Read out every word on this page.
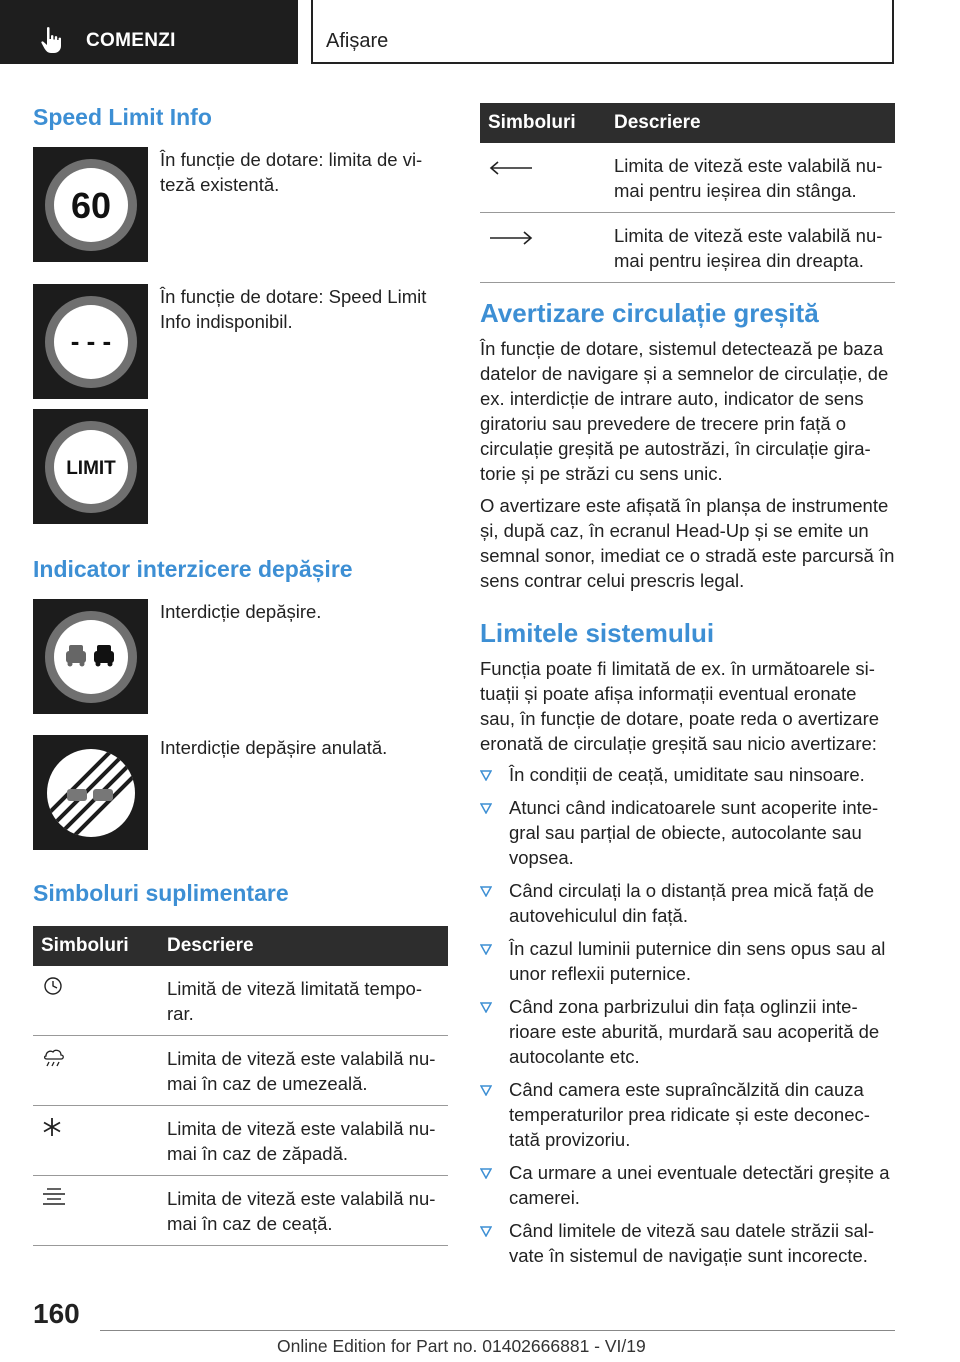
COMENZI	Afișare
Speed Limit Info
60
În funcție de dotare: limita de vi-teză existentă.
- - -
În funcție de dotare: Speed Limit Info indisponibil.
LIMIT
Indicator interzicere depășire
Interdicție depășire.
Interdicție depășire anulată.
Simboluri suplimentare
Simboluri	Descriere
	Limită de viteză limitată tempo-rar.
	Limita de viteză este valabilă nu-mai în caz de umezeală.
	Limita de viteză este valabilă nu-mai în caz de zăpadă.
	Limita de viteză este valabilă nu-mai în caz de ceață.
Simboluri	Descriere
	Limita de viteză este valabilă nu-mai pentru ieșirea din stânga.
	Limita de viteză este valabilă nu-mai pentru ieșirea din dreapta.
Avertizare circulație greșită

În funcție de dotare, sistemul detectează pe baza datelor de navigare și a semnelor de circulație, de ex. interdicție de intrare auto, indicator de sens giratoriu sau prevedere de trecere prin față o circulație greșită pe autostrăzi, în circulație gira-torie și pe străzi cu sens unic.

O avertizare este afișată în planșa de instrumente și, după caz, în ecranul Head-Up și se emite un semnal sonor, imediat ce o stradă este parcursă în sens contrar celui prescris legal.

Limitele sistemului

Funcția poate fi limitată de ex. în următoarele si-tuații și poate afișa informații eventual eronate sau, în funcție de dotare, poate reda o avertizare eronată de circulație greșită sau nicio avertizare:

În condiții de ceață, umiditate sau ninsoare.
Atunci când indicatoarele sunt acoperite inte-gral sau parțial de obiecte, autocolante sau vopsea.
Când circulați la o distanță prea mică față de autovehiculul din față.
În cazul luminii puternice din sens opus sau al unor reflexii puternice.
Când zona parbrizului din fața oglinzii inte-rioare este aburită, murdară sau acoperită de autocolante etc.
Când camera este supraîncălzită din cauza temperaturilor prea ridicate și este deconec-tată provizoriu.
Ca urmare a unei eventuale detectări greșite a camerei.
Când limitele de viteză sau datele străzii sal-vate în sistemul de navigație sunt incorecte.
160
Online Edition for Part no. 01402666881 - VI/19
